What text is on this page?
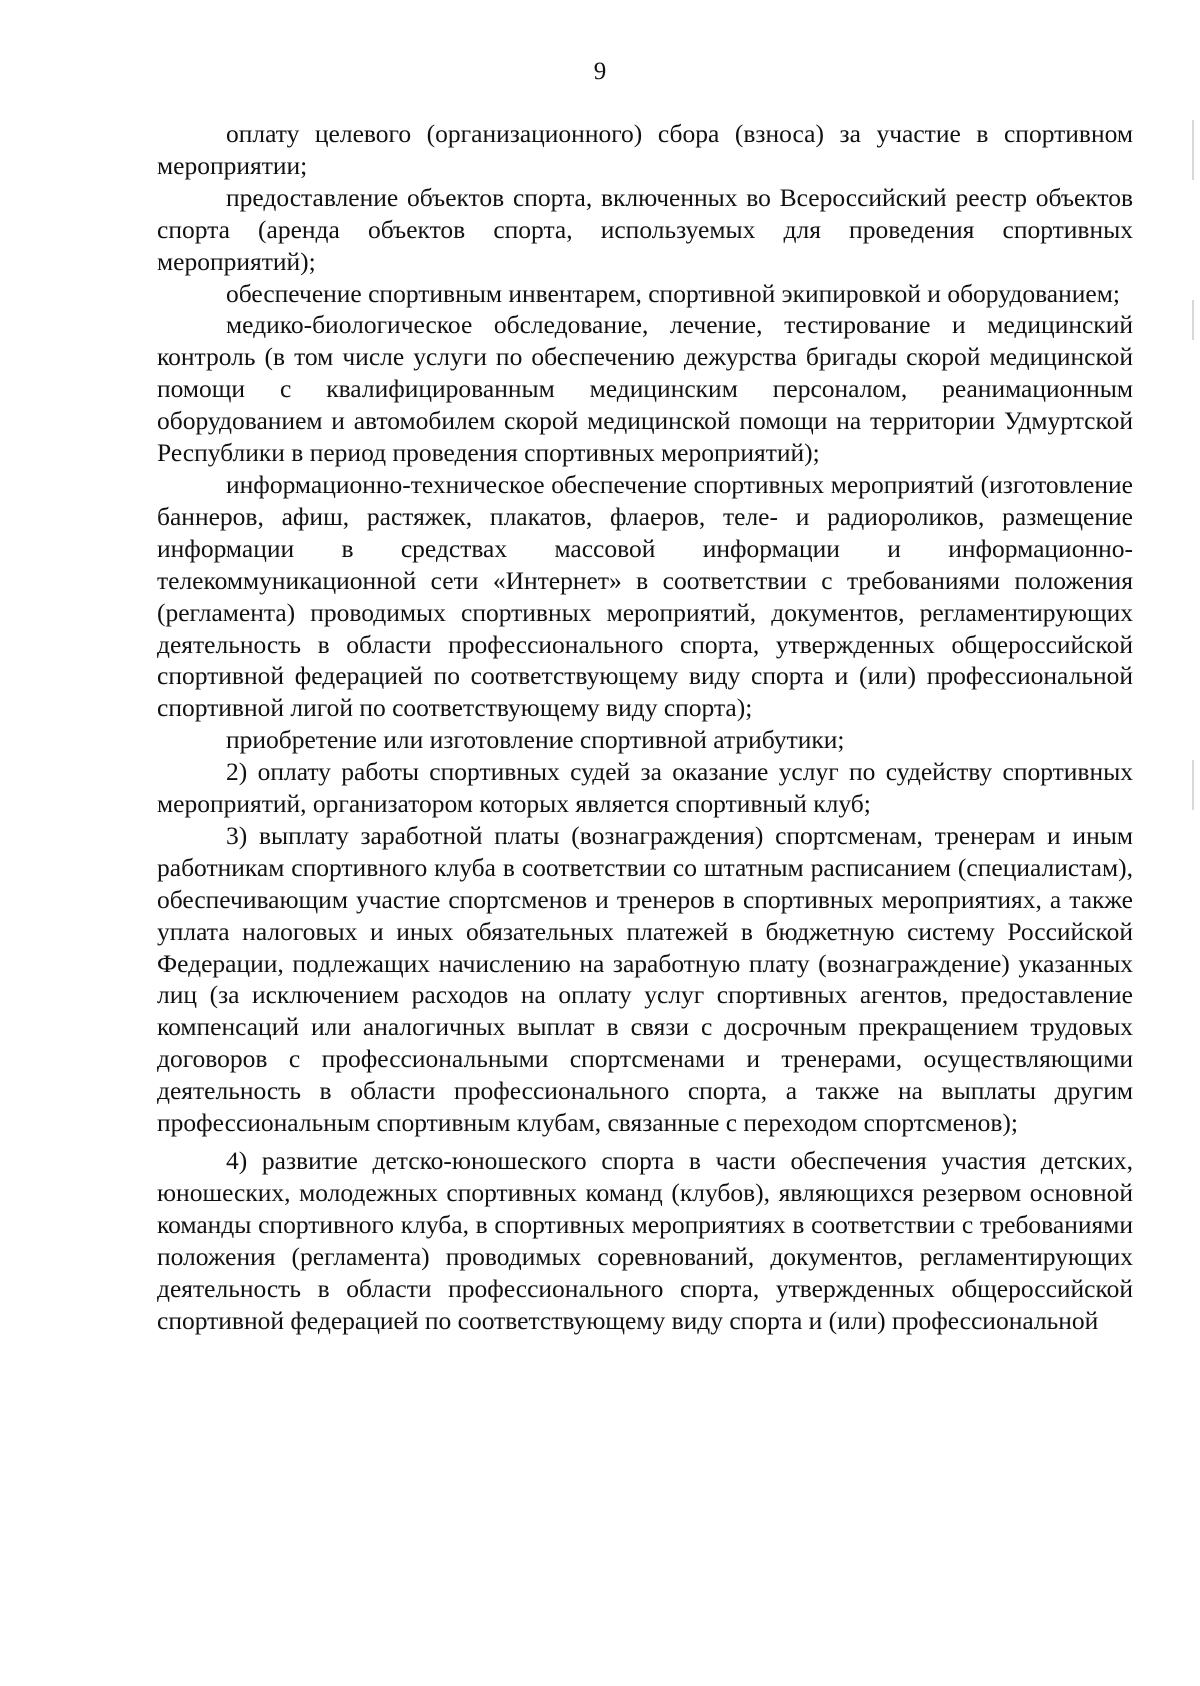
9

оплату целевого (организационного) сбора (взноса) за участие в спортивном мероприятии;

предоставление объектов спорта, включенных во Всероссийский реестр объектов спорта (аренда объектов спорта, используемых для проведения спортивных мероприятий);

обеспечение спортивным инвентарем, спортивной экипировкой и оборудованием;

медико-биологическое обследование, лечение, тестирование и медицинский контроль (в том числе услуги по обеспечению дежурства бригады скорой медицинской помощи с квалифицированным медицинским персоналом, реанимационным оборудованием и автомобилем скорой медицинской помощи на территории Удмуртской Республики в период проведения спортивных мероприятий);

информационно-техническое обеспечение спортивных мероприятий (изготовление баннеров, афиш, растяжек, плакатов, флаеров, теле- и радиороликов, размещение информации в средствах массовой информации и информационно-телекоммуникационной сети «Интернет» в соответствии с требованиями положения (регламента) проводимых спортивных мероприятий, документов, регламентирующих деятельность в области профессионального спорта, утвержденных общероссийской спортивной федерацией по соответствующему виду спорта и (или) профессиональной спортивной лигой по соответствующему виду спорта);

приобретение или изготовление спортивной атрибутики;

2) оплату работы спортивных судей за оказание услуг по судейству спортивных мероприятий, организатором которых является спортивный клуб;

3) выплату заработной платы (вознаграждения) спортсменам, тренерам и иным работникам спортивного клуба в соответствии со штатным расписанием (специалистам), обеспечивающим участие спортсменов и тренеров в спортивных мероприятиях, а также уплата налоговых и иных обязательных платежей в бюджетную систему Российской Федерации, подлежащих начислению на заработную плату (вознаграждение) указанных лиц (за исключением расходов на оплату услуг спортивных агентов, предоставление компенсаций или аналогичных выплат в связи с досрочным прекращением трудовых договоров с профессиональными спортсменами и тренерами, осуществляющими деятельность в области профессионального спорта, а также на выплаты другим профессиональным спортивным клубам, связанные с переходом спортсменов);

4) развитие детско-юношеского спорта в части обеспечения участия детских, юношеских, молодежных спортивных команд (клубов), являющихся резервом основной команды спортивного клуба, в спортивных мероприятиях в соответствии с требованиями положения (регламента) проводимых соревнований, документов, регламентирующих деятельность в области профессионального спорта, утвержденных общероссийской спортивной федерацией по соответствующему виду спорта и (или) профессиональной
